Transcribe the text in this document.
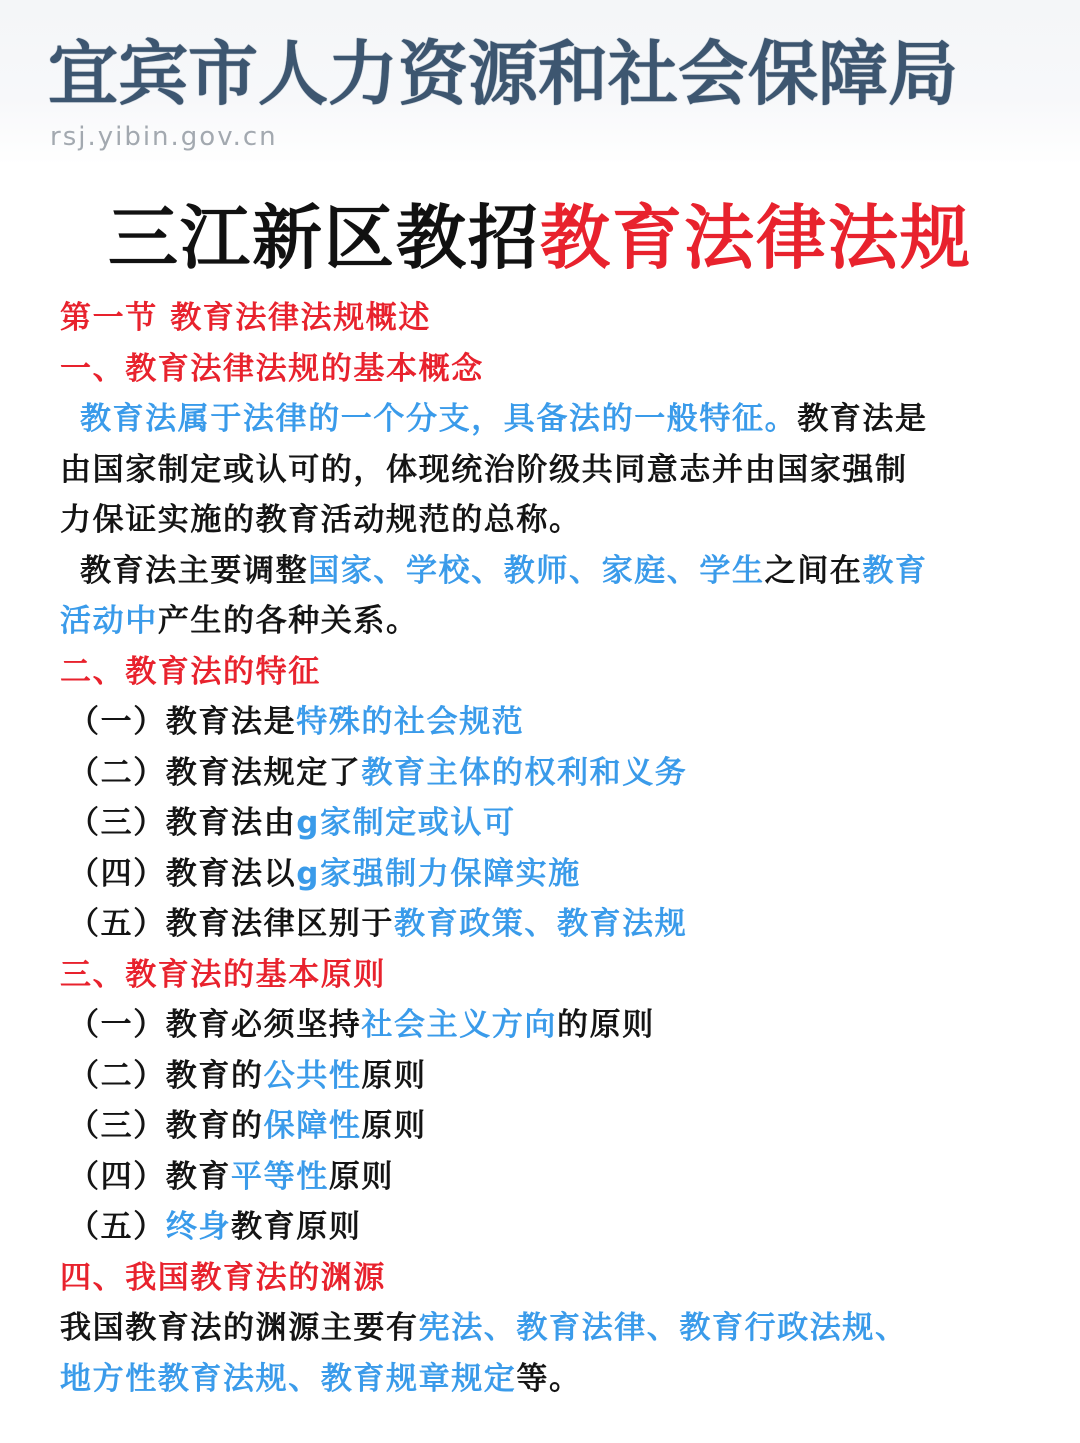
宜宾市人力资源和社会保障局
rsj.yibin.gov.cn
三江新区教招教育法律法规
第一节 教育法律法规概述
一、教育法律法规的基本概念
教育法属于法律的一个分支，具备法的一般特征。教育法是
由国家制定或认可的，体现统治阶级共同意志并由国家强制
力保证实施的教育活动规范的总称。
教育法主要调整国家、学校、教师、家庭、学生之间在教育
活动中产生的各种关系。
二、教育法的特征
（一）教育法是特殊的社会规范
（二）教育法规定了教育主体的权利和义务
（三）教育法由g家制定或认可
（四）教育法以g家强制力保障实施
（五）教育法律区别于教育政策、教育法规
三、教育法的基本原则
（一）教育必须坚持社会主义方向的原则
（二）教育的公共性原则
（三）教育的保障性原则
（四）教育平等性原则
（五）终身教育原则
四、我国教育法的渊源
我国教育法的渊源主要有宪法、教育法律、教育行政法规、
地方性教育法规、教育规章规定等。
